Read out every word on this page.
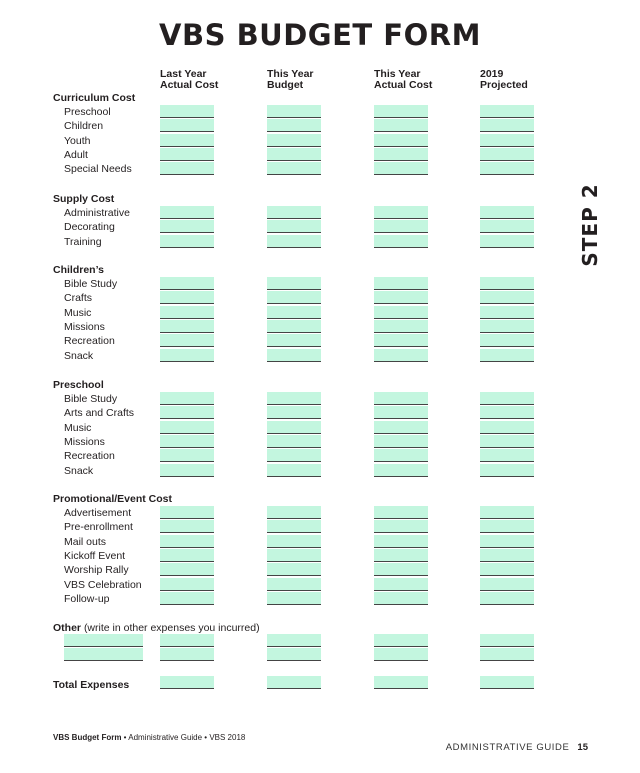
VBS BUDGET FORM
STEP 2
Last Year
Actual Cost
This Year
Budget
This Year
Actual Cost
2019
Projected
Curriculum Cost
Preschool
Children
Youth
Adult
Special Needs
Supply Cost
Administrative
Decorating
Training
Children’s
Bible Study
Crafts
Music
Missions
Recreation
Snack
Preschool
Bible Study
Arts and Crafts
Music
Missions
Recreation
Snack
Promotional/Event Cost
Advertisement
Pre-enrollment
Mail outs
Kickoff Event
Worship Rally
VBS Celebration
Follow-up
Other (write in other expenses you incurred)
Total Expenses
VBS Budget Form • Administrative Guide • VBS 2018
ADMINISTRATIVE GUIDE 15
